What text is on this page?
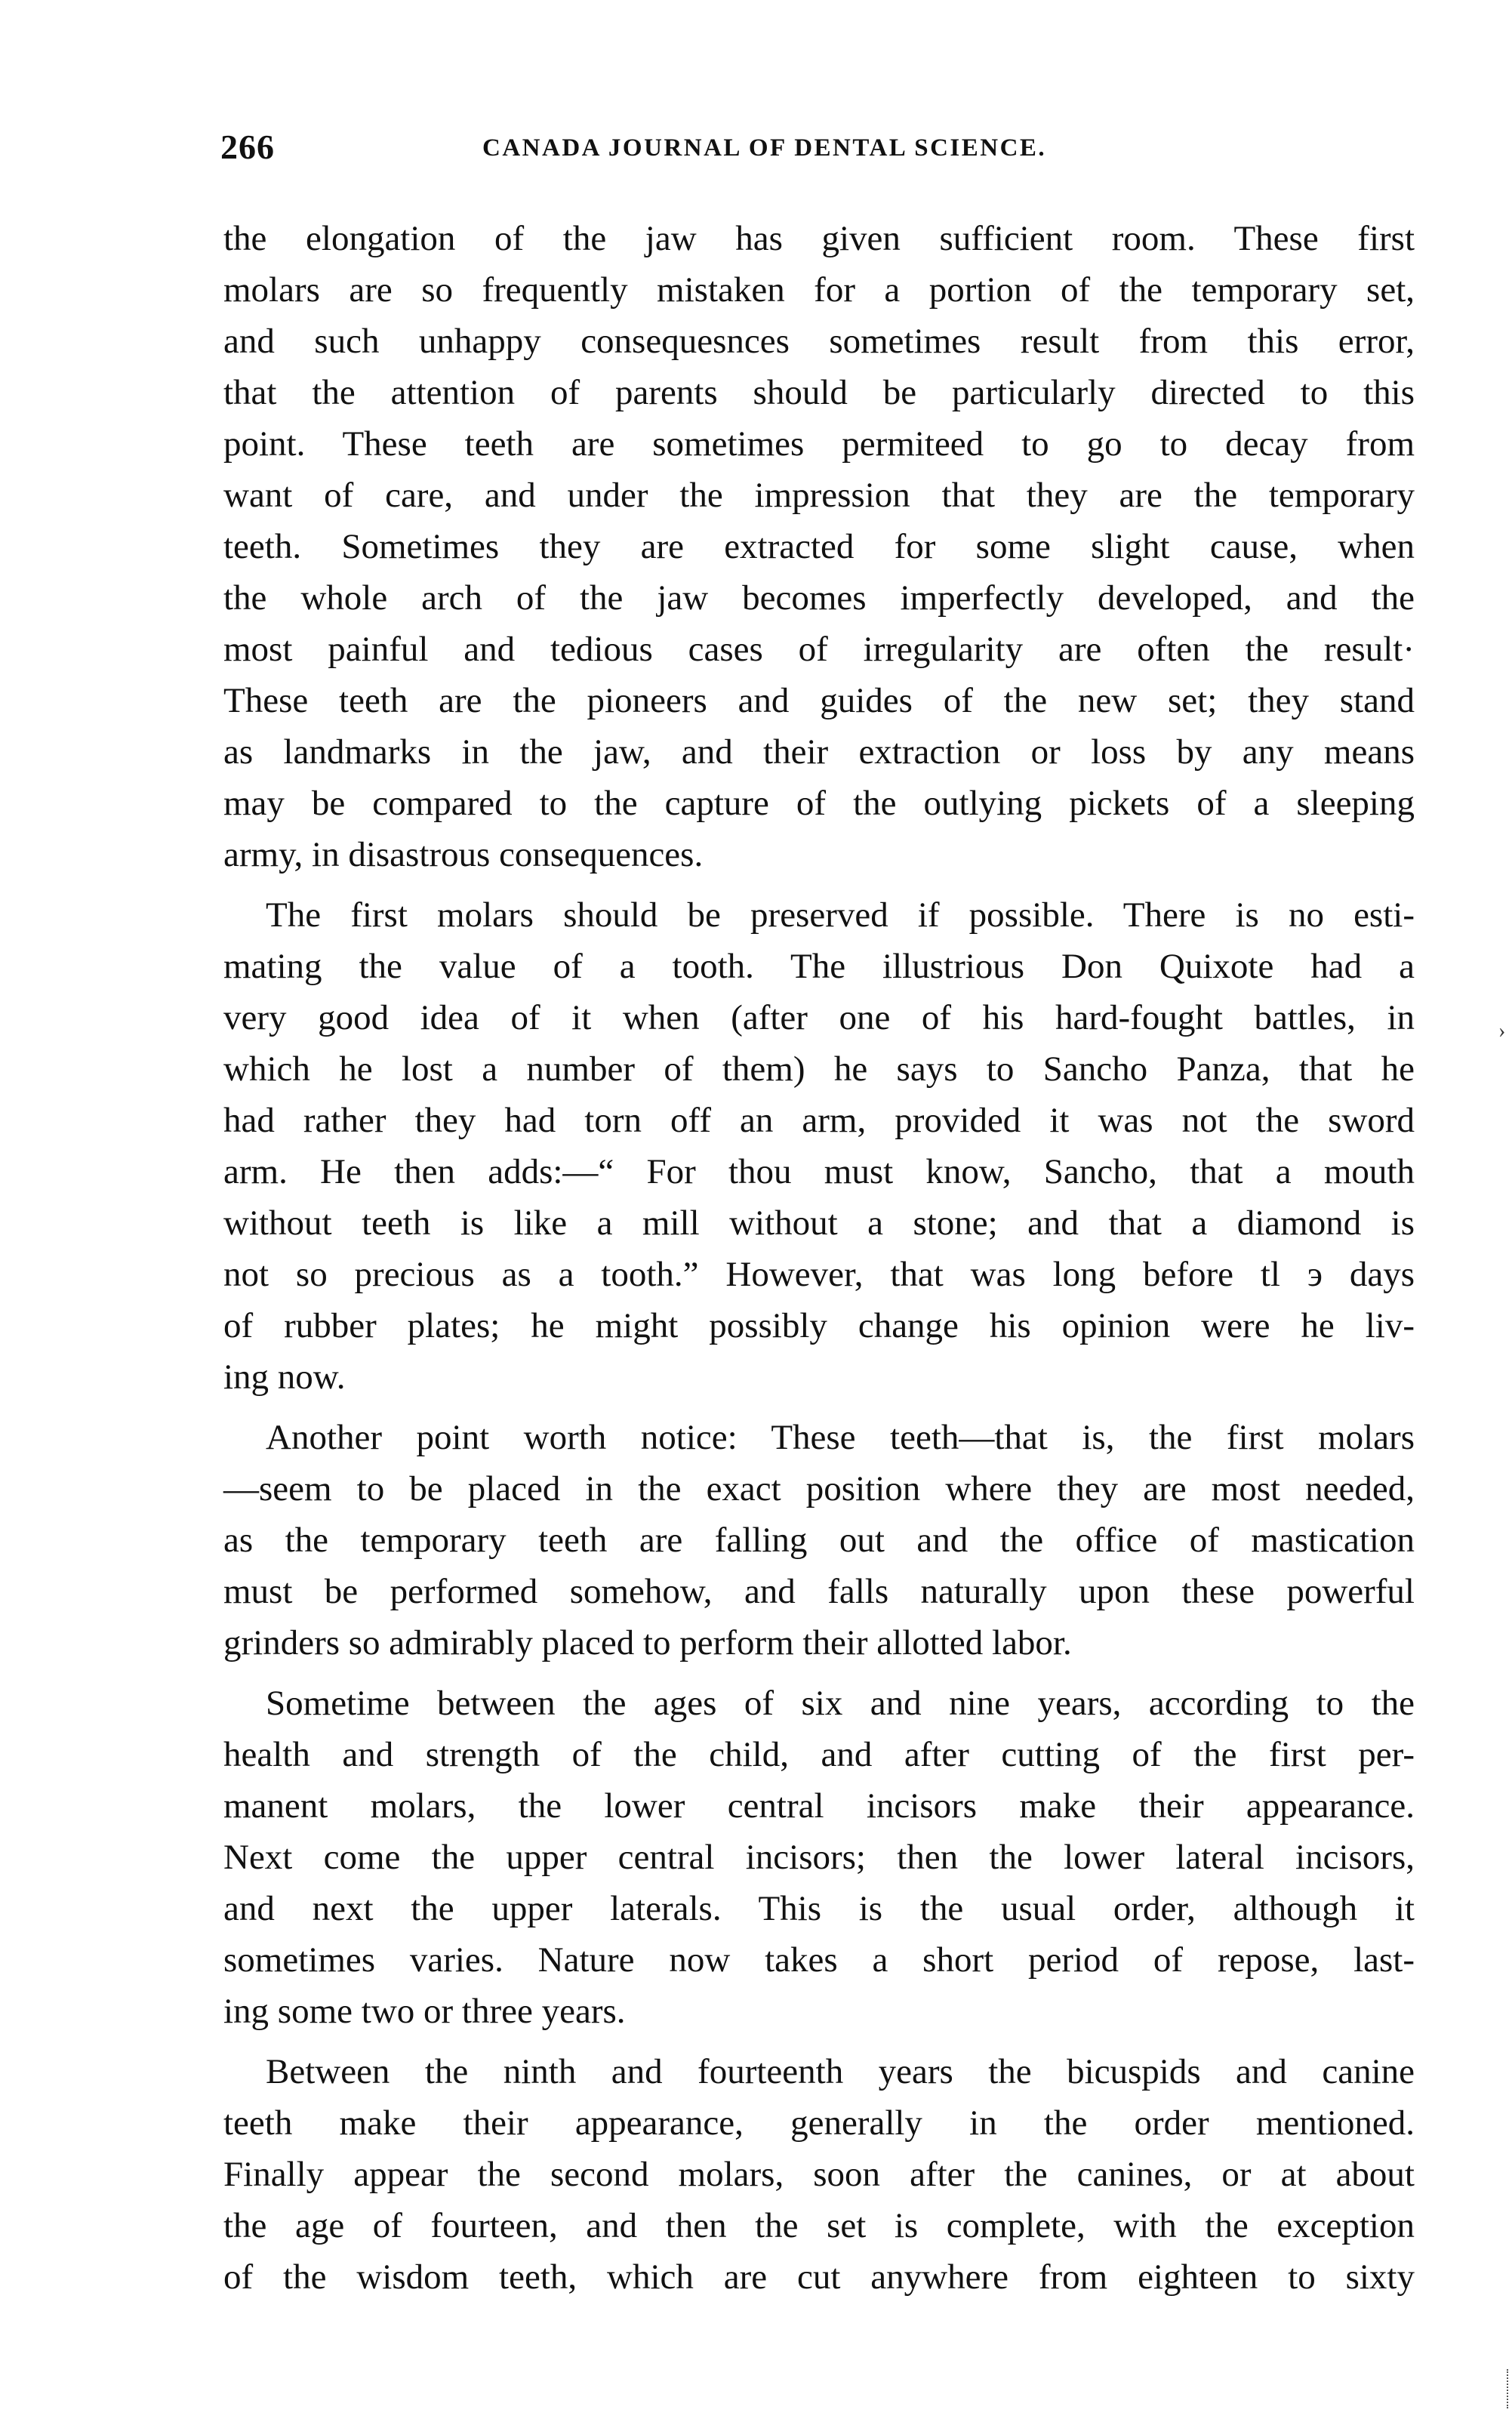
266	CANADA JOURNAL OF DENTAL SCIENCE.
the elongation of the jaw has given sufficient room. These first
molars are so frequently mistaken for a portion of the temporary set,
and such unhappy consequesnces sometimes result from this error,
that the attention of parents should be particularly directed to this
point. These teeth are sometimes permiteed to go to decay from
want of care, and under the impression that they are the temporary
teeth. Sometimes they are extracted for some slight cause, when
the whole arch of the jaw becomes imperfectly developed, and the
most painful and tedious cases of irregularity are often the result·
These teeth are the pioneers and guides of the new set; they stand
as landmarks in the jaw, and their extraction or loss by any means
may be compared to the capture of the outlying pickets of a sleeping
army, in disastrous consequences.
The first molars should be preserved if possible. There is no esti-
mating the value of a tooth. The illustrious Don Quixote had a
very good idea of it when (after one of his hard-fought battles, in
which he lost a number of them) he says to Sancho Panza, that he
had rather they had torn off an arm, provided it was not the sword
arm. He then adds:—“ For thou must know, Sancho, that a mouth
without teeth is like a mill without a stone; and that a diamond is
not so precious as a tooth.” However, that was long before tl э days
of rubber plates; he might possibly change his opinion were he liv-
ing now.
Another point worth notice: These teeth—that is, the first molars
—seem to be placed in the exact position where they are most needed,
as the temporary teeth are falling out and the office of mastication
must be performed somehow, and falls naturally upon these powerful
grinders so admirably placed to perform their allotted labor.
Sometime between the ages of six and nine years, according to the
health and strength of the child, and after cutting of the first per-
manent molars, the lower central incisors make their appearance.
Next come the upper central incisors; then the lower lateral incisors,
and next the upper laterals. This is the usual order, although it
sometimes varies. Nature now takes a short period of repose, last-
ing some two or three years.
Between the ninth and fourteenth years the bicuspids and canine
teeth make their appearance, generally in the order mentioned.
Finally appear the second molars, soon after the canines, or at about
the age of fourteen, and then the set is complete, with the exception
of the wisdom teeth, which are cut anywhere from eighteen to sixty
›
